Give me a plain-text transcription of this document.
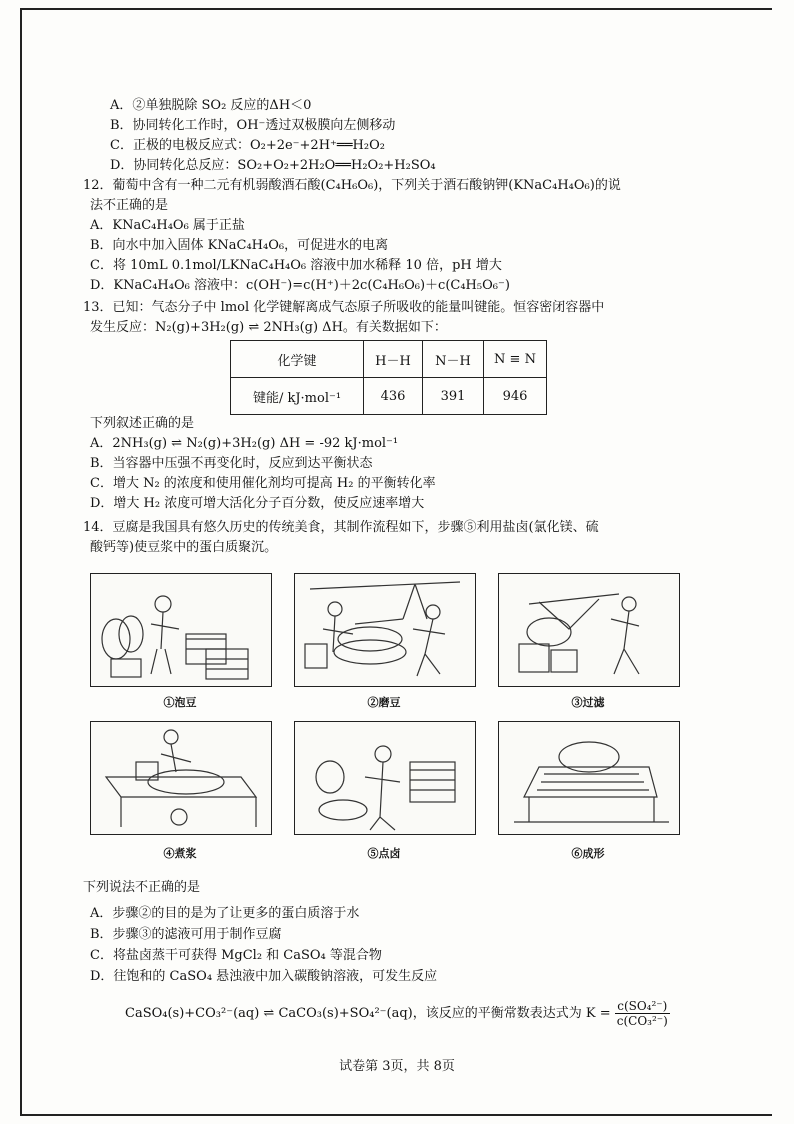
A．②单独脱除 SO₂ 反应的ΔH＜0
B．协同转化工作时，OH⁻透过双极膜向左侧移动
C．正极的电极反应式：O₂+2e⁻+2H⁺══H₂O₂
D．协同转化总反应：SO₂+O₂+2H₂O══H₂O₂+H₂SO₄
12．葡萄中含有一种二元有机弱酸酒石酸(C₄H₆O₆)，下列关于酒石酸钠钾(KNaC₄H₄O₆)的说
法不正确的是
A．KNaC₄H₄O₆ 属于正盐
B．向水中加入固体 KNaC₄H₄O₆，可促进水的电离
C．将 10mL 0.1mol/LKNaC₄H₄O₆ 溶液中加水稀释 10 倍，pH 增大
D．KNaC₄H₄O₆ 溶液中：c(OH⁻)=c(H⁺)＋2c(C₄H₆O₆)＋c(C₄H₅O₆⁻)
13．已知：气态分子中 lmol 化学键解离成气态原子所吸收的能量叫键能。恒容密闭容器中
发生反应：N₂(g)+3H₂(g) ⇌ 2NH₃(g) ΔH。有关数据如下：
化学键	H－H	N－H	N ≡ N
键能/ kJ·mol⁻¹	436	391	946
下列叙述正确的是
A．2NH₃(g) ⇌ N₂(g)+3H₂(g) ΔH = -92 kJ·mol⁻¹
B．当容器中压强不再变化时，反应到达平衡状态
C．增大 N₂ 的浓度和使用催化剂均可提高 H₂ 的平衡转化率
D．增大 H₂ 浓度可增大活化分子百分数，使反应速率增大
14．豆腐是我国具有悠久历史的传统美食，其制作流程如下，步骤⑤利用盐卤(氯化镁、硫
酸钙等)使豆浆中的蛋白质聚沉。
①泡豆	②磨豆	③过滤
④煮浆	⑤点卤	⑥成形
下列说法不正确的是
A．步骤②的目的是为了让更多的蛋白质溶于水
B．步骤③的滤液可用于制作豆腐
C．将盐卤蒸干可获得 MgCl₂ 和 CaSO₄ 等混合物
D．往饱和的 CaSO₄ 悬浊液中加入碳酸钠溶液，可发生反应
CaSO₄(s)+CO₃²⁻(aq) ⇌ CaCO₃(s)+SO₄²⁻(aq)，该反应的平衡常数表达式为 $K = \frac{\text{c(SO₄²⁻)}}{\text{c(CO₃²⁻)}}$
试卷第 3页，共 8页
